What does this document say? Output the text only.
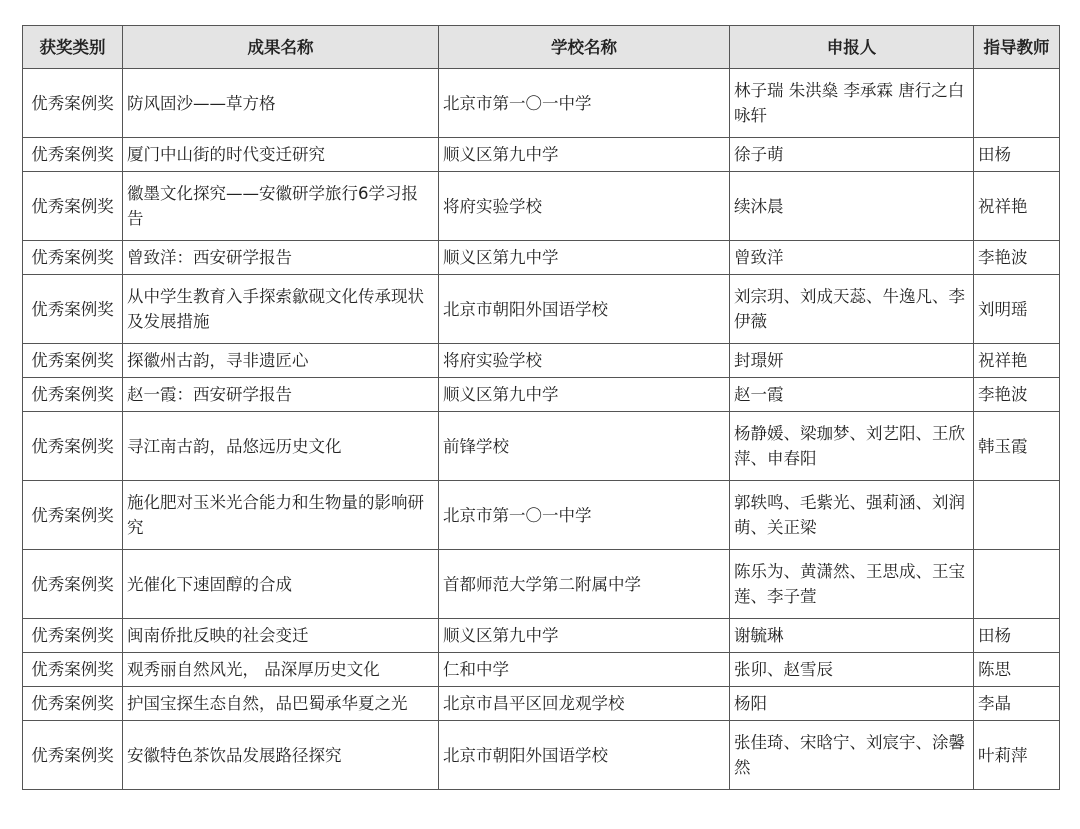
获奖类别	成果名称	学校名称	申报人	指导教师
优秀案例奖	防风固沙——草方格	北京市第一〇一中学	林子瑞 朱洪燊 李承霖 唐行之白咏轩	
优秀案例奖	厦门中山街的时代变迁研究	顺义区第九中学	徐子萌	田杨
优秀案例奖	徽墨文化探究——安徽研学旅行6学习报告	将府实验学校	续沐晨	祝祥艳
优秀案例奖	曾致洋：西安研学报告	顺义区第九中学	曾致洋	李艳波
优秀案例奖	从中学生教育入手探索歙砚文化传承现状及发展措施	北京市朝阳外国语学校	刘宗玥、刘成天蕊、牛逸凡、李伊薇	刘明瑶
优秀案例奖	探徽州古韵，寻非遗匠心	将府实验学校	封璟妍	祝祥艳
优秀案例奖	赵一霞：西安研学报告	顺义区第九中学	赵一霞	李艳波
优秀案例奖	寻江南古韵，品悠远历史文化	前锋学校	杨静媛、梁珈梦、刘艺阳、王欣萍、申春阳	韩玉霞
优秀案例奖	施化肥对玉米光合能力和生物量的影响研究	北京市第一〇一中学	郭轶鸣、毛紫光、强莉涵、刘润萌、关正梁	
优秀案例奖	光催化下速固醇的合成	首都师范大学第二附属中学	陈乐为、黄潇然、王思成、王宝莲、李子萱	
优秀案例奖	闽南侨批反映的社会变迁	顺义区第九中学	谢毓琳	田杨
优秀案例奖	观秀丽自然风光， 品深厚历史文化	仁和中学	张卯、赵雪辰	陈思
优秀案例奖	护国宝探生态自然，品巴蜀承华夏之光	北京市昌平区回龙观学校	杨阳	李晶
优秀案例奖	安徽特色茶饮品发展路径探究	北京市朝阳外国语学校	张佳琦、宋晗宁、刘宸宇、涂馨然	叶莉萍
